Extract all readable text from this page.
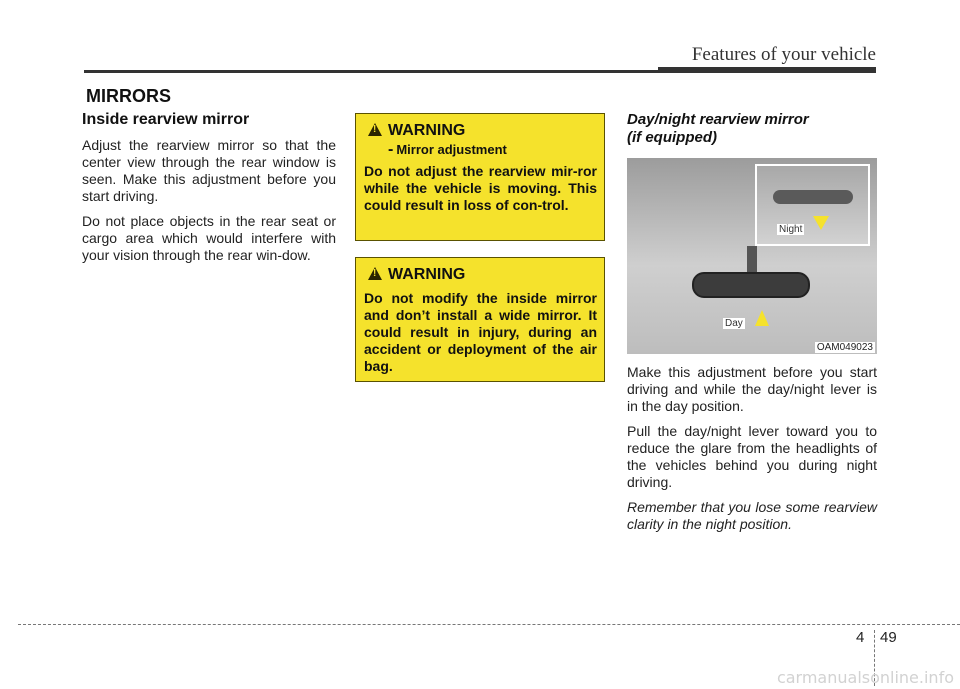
Features of your vehicle
MIRRORS
Inside rearview mirror

Adjust the rearview mirror so that the center view through the rear window is seen. Make this adjustment before you start driving.

Do not place objects in the rear seat or cargo area which would interfere with your vision through the rear win-dow.

!
WARNING
- Mirror adjustment

Do not adjust the rearview mir-ror while the vehicle is moving. This could result in loss of con-trol.

!
WARNING

Do not modify the inside mirror and don’t install a wide mirror. It could result in injury, during an accident or deployment of the air bag.

Day/night rearview mirror
(if equipped)
Night
Day
OAM049023

Make this adjustment before you start driving and while the day/night lever is in the day position.

Pull the day/night lever toward you to reduce the glare from the headlights of the vehicles behind you during night driving.

Remember that you lose some rearview clarity in the night position.

4 49
carmanualsonline.info
